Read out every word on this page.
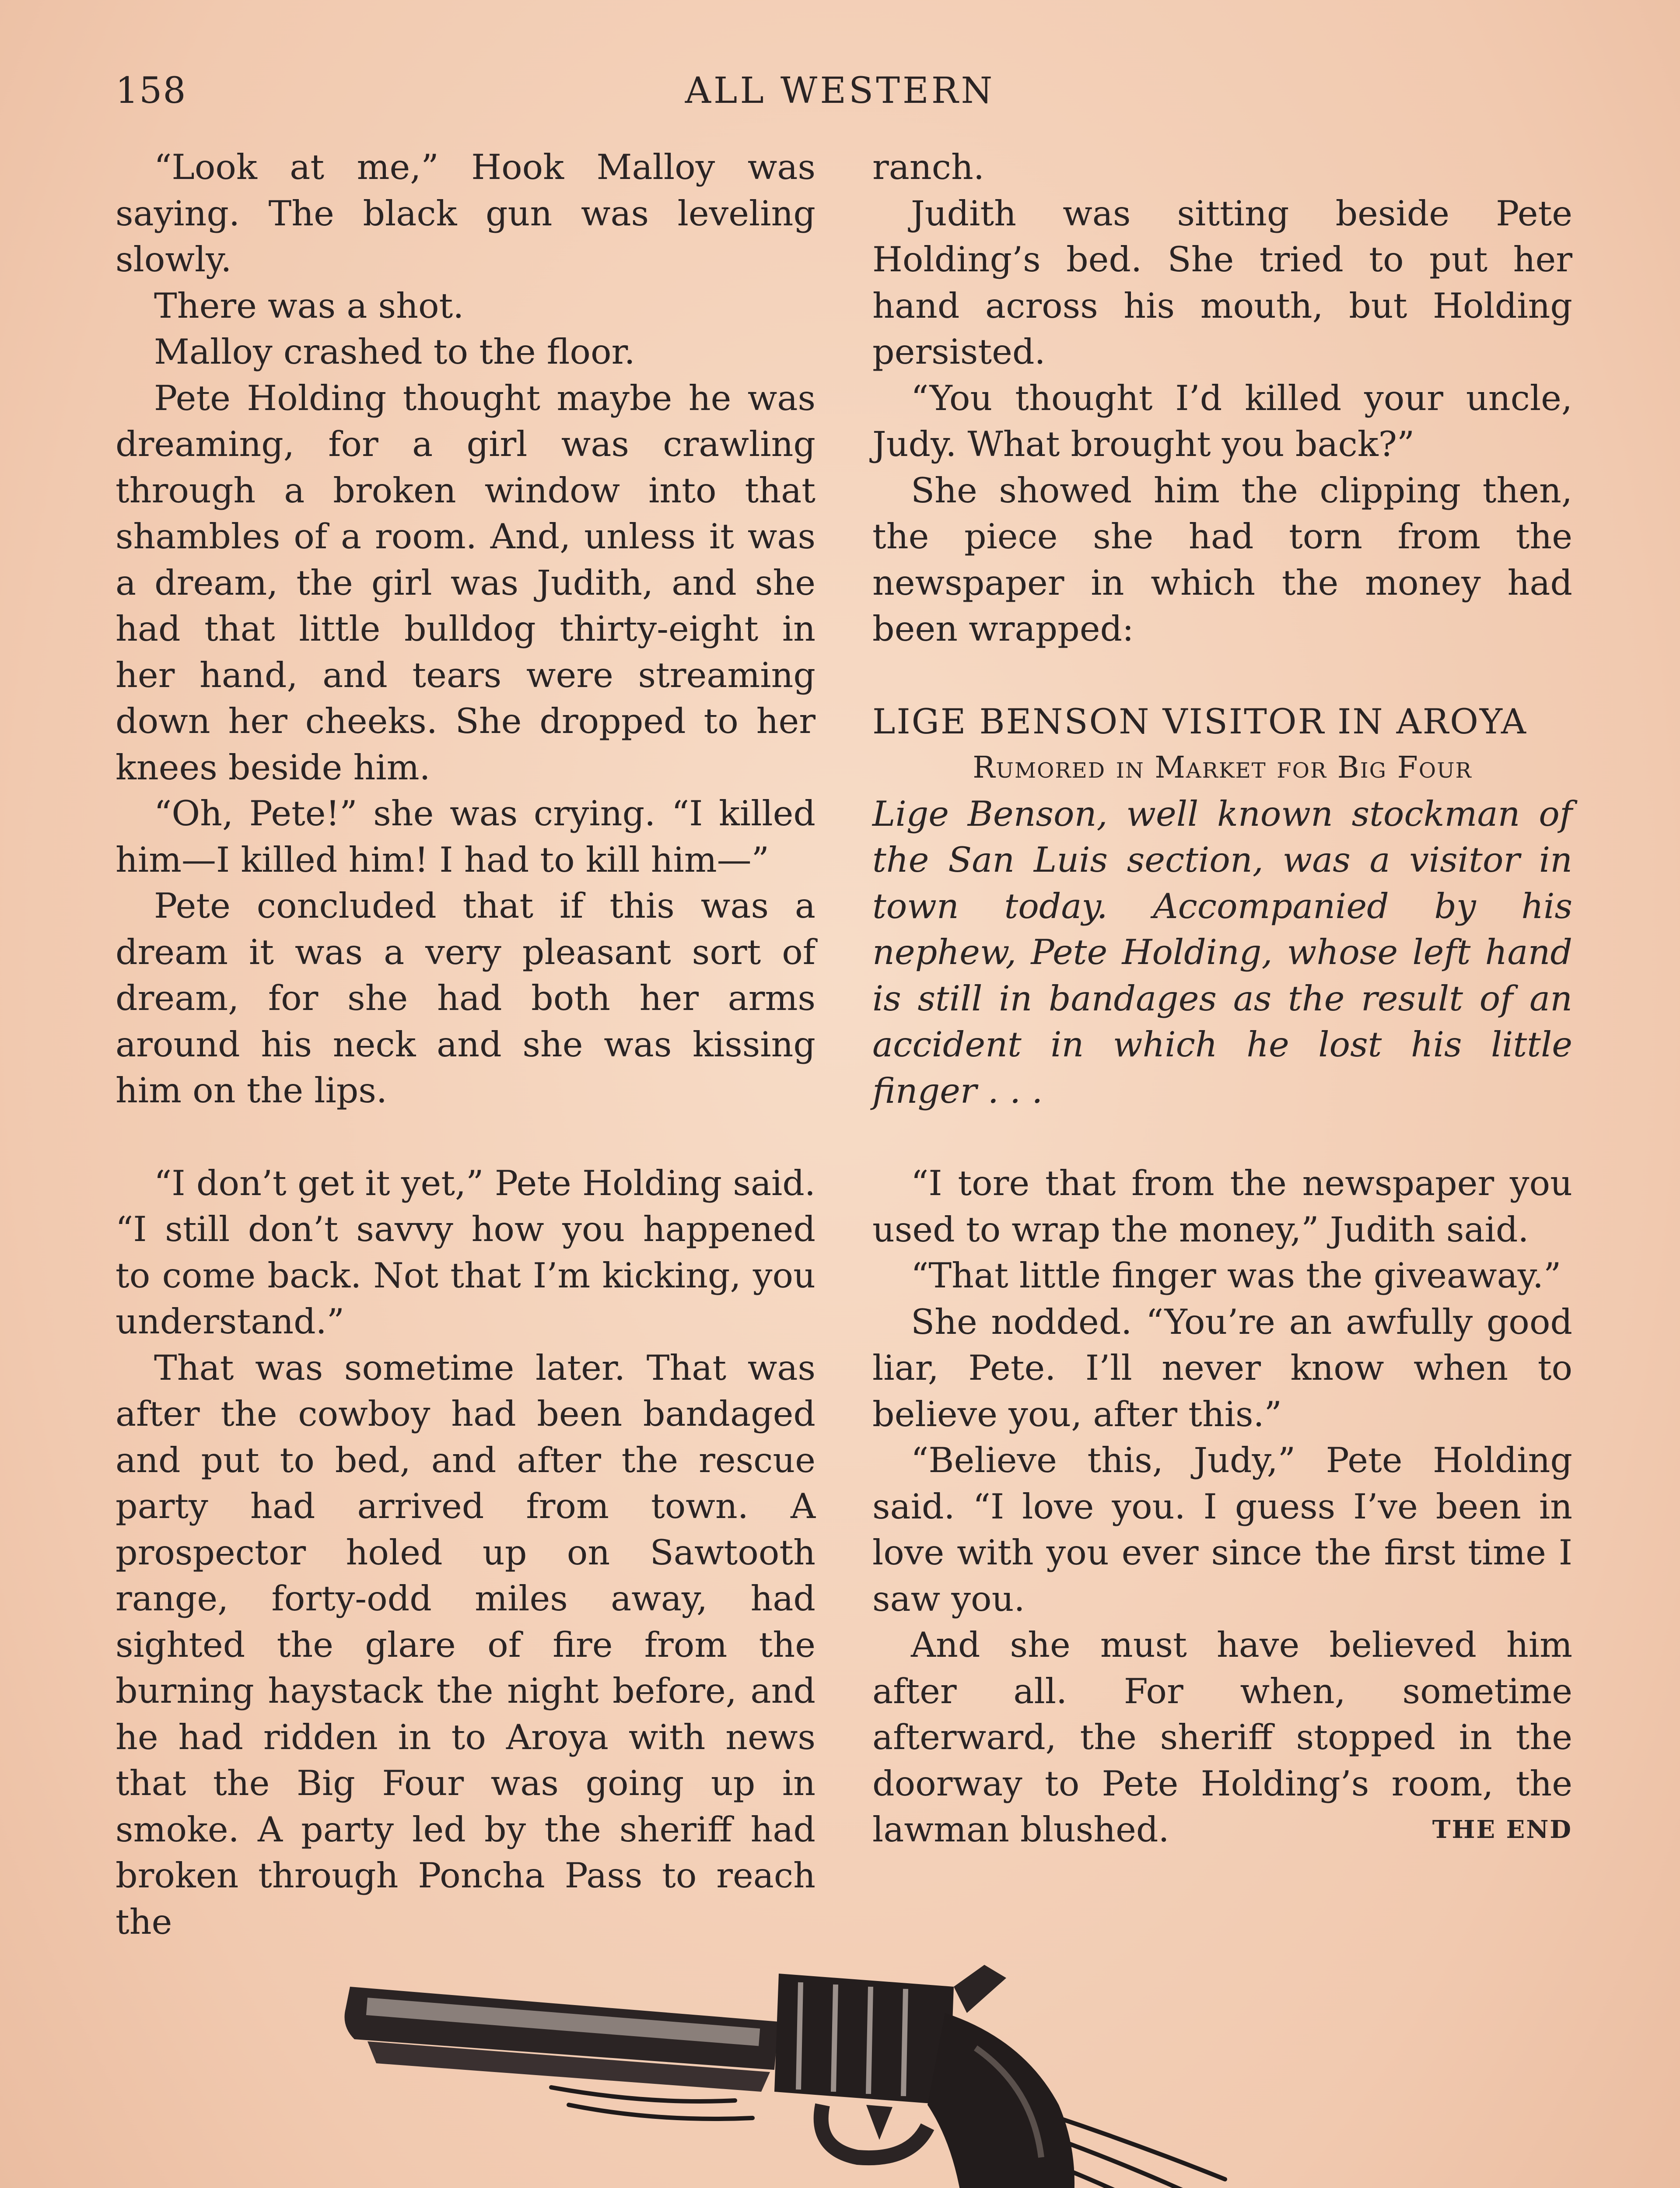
158	ALL WESTERN

“Look at me,” Hook Malloy was saying. The black gun was leveling slowly.

There was a shot.

Malloy crashed to the floor.

Pete Holding thought maybe he was dreaming, for a girl was crawling through a broken window into that shambles of a room. And, unless it was a dream, the girl was Judith, and she had that little bulldog thirty-eight in her hand, and tears were streaming down her cheeks. She dropped to her knees beside him.

“Oh, Pete!” she was crying. “I killed him—I killed him! I had to kill him—”

Pete concluded that if this was a dream it was a very pleasant sort of dream, for she had both her arms around his neck and she was kissing him on the lips.

“I don’t get it yet,” Pete Holding said. “I still don’t savvy how you happened to come back. Not that I’m kicking, you understand.”

That was sometime later. That was after the cowboy had been bandaged and put to bed, and after the rescue party had arrived from town. A prospector holed up on Sawtooth range, forty-odd miles away, had sighted the glare of fire from the burning haystack the night before, and he had ridden in to Aroya with news that the Big Four was going up in smoke. A party led by the sheriff had broken through Poncha Pass to reach the

ranch.

Judith was sitting beside Pete Holding’s bed. She tried to put her hand across his mouth, but Holding persisted.

“You thought I’d killed your uncle, Judy. What brought you back?”

She showed him the clipping then, the piece she had torn from the newspaper in which the money had been wrapped:

LIGE BENSON VISITOR IN AROYA

Rumored in Market for Big Four

Lige Benson, well known stockman of the San Luis section, was a visitor in town today. Accompanied by his nephew, Pete Holding, whose left hand is still in bandages as the result of an accident in which he lost his little finger . . .

“I tore that from the newspaper you used to wrap the money,” Judith said.

“That little finger was the giveaway.”

She nodded. “You’re an awfully good liar, Pete. I’ll never know when to believe you, after this.”

“Believe this, Judy,” Pete Holding said. “I love you. I guess I’ve been in love with you ever since the first time I saw you.

And she must have believed him after all. For when, sometime afterward, the sheriff stopped in the doorway to Pete Holding’s room, the lawman blushed.	THE END
